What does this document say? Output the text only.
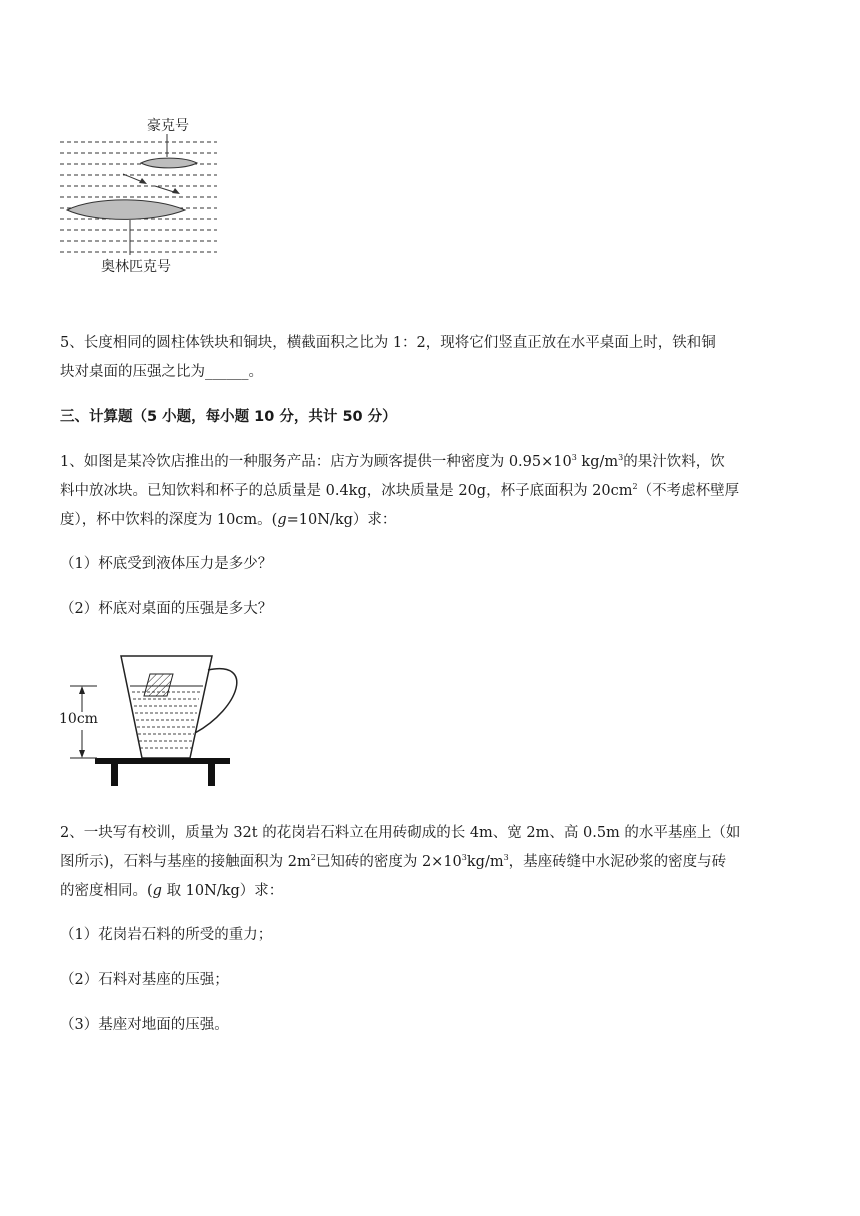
豪克号
奥林匹克号
5、长度相同的圆柱体铁块和铜块，横截面积之比为 1：2，现将它们竖直正放在水平桌面上时，铁和铜
块对桌面的压强之比为______。
三、计算题（5 小题，每小题 10 分，共计 50 分）
1、如图是某冷饮店推出的一种服务产品：店方为顾客提供一种密度为 $0.95\times 10^3$ $kg/m^3$的果汁饮料，饮
料中放冰块。已知饮料和杯子的总质量是 0.4kg，冰块质量是 20g，杯子底面积为 $20cm^2$（不考虑杯壁厚
度），杯中饮料的深度为 10cm。(g=10N/kg）求：
（1）杯底受到液体压力是多少？
（2）杯底对桌面的压强是多大？
10cm
2、一块写有校训，质量为 32t 的花岗岩石料立在用砖砌成的长 4m、宽 2m、高 0.5m 的水平基座上（如
图所示)，石料与基座的接触面积为 $2m^2$已知砖的密度为 $2\times 10^3kg/m^3$，基座砖缝中水泥砂浆的密度与砖
的密度相同。(g 取 10N/kg）求：
（1）花岗岩石料的所受的重力；
（2）石料对基座的压强；
（3）基座对地面的压强。
